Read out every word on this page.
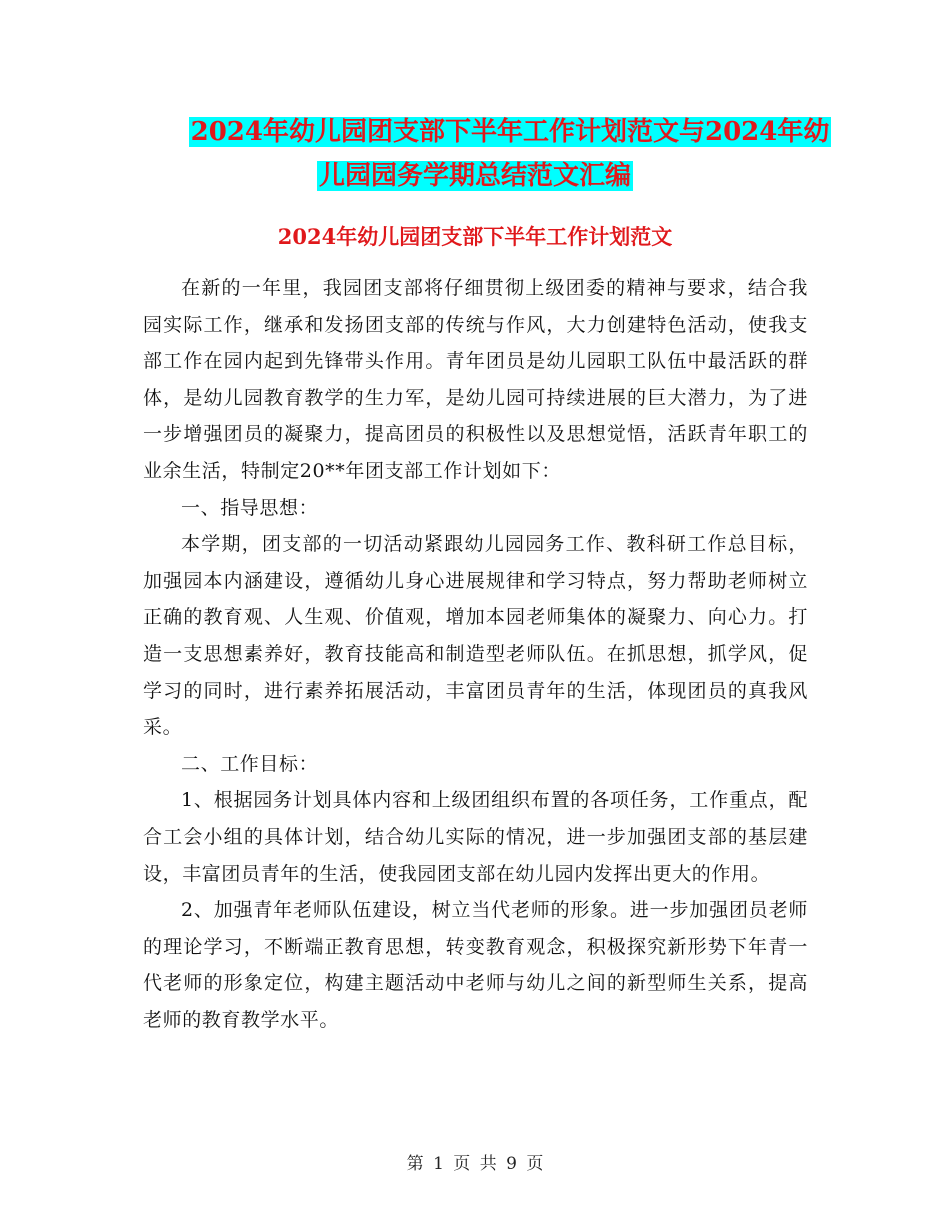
2024年幼儿园团支部下半年工作计划范文与2024年幼
儿园园务学期总结范文汇编
2024年幼儿园团支部下半年工作计划范文

在新的一年里，我园团支部将仔细贯彻上级团委的精神与要求，结合我园实际工作，继承和发扬团支部的传统与作风，大力创建特色活动，使我支部工作在园内起到先锋带头作用。青年团员是幼儿园职工队伍中最活跃的群体，是幼儿园教育教学的生力军，是幼儿园可持续进展的巨大潜力，为了进一步增强团员的凝聚力，提高团员的积极性以及思想觉悟，活跃青年职工的业余生活，特制定20**年团支部工作计划如下：

一、指导思想：

本学期，团支部的一切活动紧跟幼儿园园务工作、教科研工作总目标，加强园本内涵建设，遵循幼儿身心进展规律和学习特点，努力帮助老师树立正确的教育观、人生观、价值观，增加本园老师集体的凝聚力、向心力。打造一支思想素养好，教育技能高和制造型老师队伍。在抓思想，抓学风，促学习的同时，进行素养拓展活动，丰富团员青年的生活，体现团员的真我风采。

二、工作目标：

1、根据园务计划具体内容和上级团组织布置的各项任务，工作重点，配合工会小组的具体计划，结合幼儿实际的情况，进一步加强团支部的基层建设，丰富团员青年的生活，使我园团支部在幼儿园内发挥出更大的作用。

2、加强青年老师队伍建设，树立当代老师的形象。进一步加强团员老师的理论学习，不断端正教育思想，转变教育观念，积极探究新形势下年青一代老师的形象定位，构建主题活动中老师与幼儿之间的新型师生关系，提高老师的教育教学水平。

第 1 页 共 9 页
